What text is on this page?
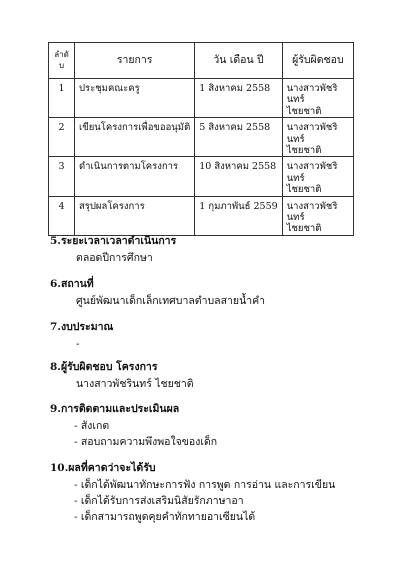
ลำดั
บ	รายการ	วัน เดือน ปี	ผู้รับผิดชอบ
1	ประชุมคณะครู	1 สิงหาคม 2558	นางสาวพัชรินทร์
ไชยชาติ
2	เขียนโครงการเพื่อขออนุมัติ	5 สิงหาคม 2558	นางสาวพัชรินทร์
ไชยชาติ
3	ดำเนินการตามโครงการ	10 สิงหาคม 2558	นางสาวพัชรินทร์
ไชยชาติ
4	สรุปผลโครงการ	1 กุมภาพันธ์ 2559	นางสาวพัชรินทร์
ไชยชาติ
5.ระยะเวลาเวลาดำเนินการ
ตลอดปีการศึกษา
6.สถานที่
ศูนย์พัฒนาเด็กเล็กเทศบาลตำบลสายน้ำคำ
7.งบประมาณ
-
8.ผู้รับผิดชอบ โครงการ
นางสาวพัชรินทร์ ไชยชาติ
9.การติดตามและประเมินผล
- สังเกต
- สอบถามความพึงพอใจของเด็ก
10.ผลที่คาดว่าจะได้รับ
- เด็กได้พัฒนาทักษะการฟัง การพูด การอ่าน และการเขียน
- เด็กได้รับการส่งเสริมนิสัยรักภาษาอา
- เด็กสามารถพูดคุยคำทักทายอาเซียนได้
